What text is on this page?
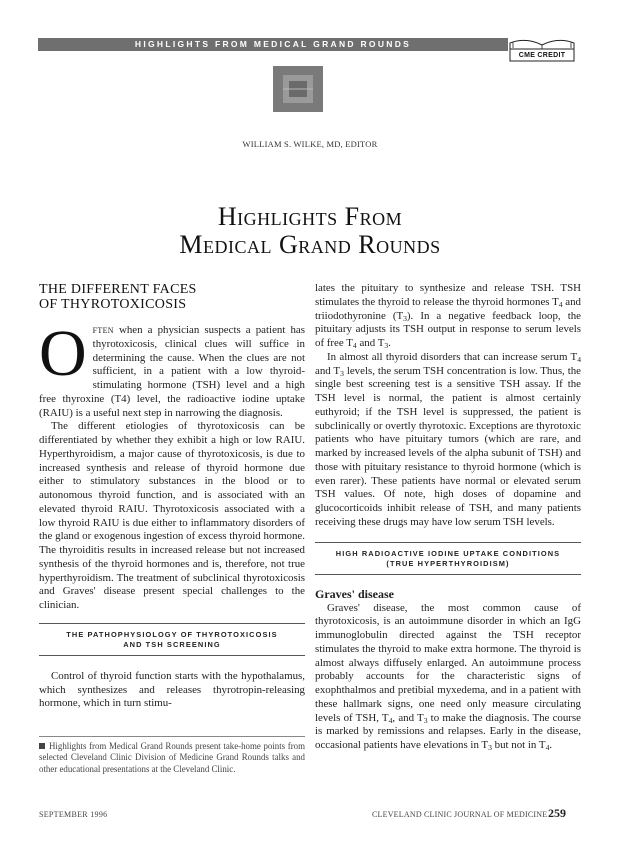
HIGHLIGHTS FROM MEDICAL GRAND ROUNDS
CME CREDIT
WILLIAM S. WILKE, MD, EDITOR
Highlights From
Medical Grand Rounds
THE DIFFERENT FACES
OF THYROTOXICOSIS

Often when a physician suspects a patient has thyrotoxicosis, clinical clues will suffice in determining the cause. When the clues are not sufficient, in a patient with a low thyroid-stimulating hormone (TSH) level and a high free thyroxine (T4) level, the radioactive iodine uptake (RAIU) is a useful next step in narrowing the diagnosis.

The different etiologies of thyrotoxicosis can be differentiated by whether they exhibit a high or low RAIU. Hyperthyroidism, a major cause of thyrotoxicosis, is due to increased synthesis and release of thyroid hormone due either to stimulatory substances in the blood or to autonomous thyroid function, and is associated with an elevated thyroid RAIU. Thyrotoxicosis associated with a low thyroid RAIU is due either to inflammatory disorders of the gland or exogenous ingestion of excess thyroid hormone. The thyroiditis results in increased release but not increased synthesis of the thyroid hormones and is, therefore, not true hyperthyroidism. The treatment of subclinical thyrotoxicosis and Graves' disease present special challenges to the clinician.

THE PATHOPHYSIOLOGY OF THYROTOXICOSIS
AND TSH SCREENING

Control of thyroid function starts with the hypothalamus, which synthesizes and releases thyrotropin-releasing hormone, which in turn stimu-

Highlights from Medical Grand Rounds present take-home points from selected Cleveland Clinic Division of Medicine Grand Rounds talks and other educational presentations at the Cleveland Clinic.

lates the pituitary to synthesize and release TSH. TSH stimulates the thyroid to release the thyroid hormones $T_4$ and triiodothyronine $(T_3)$. In a negative feedback loop, the pituitary adjusts its TSH output in response to serum levels of free $T_4$ and $T_3$.

In almost all thyroid disorders that can increase serum $T_4$ and $T_3$ levels, the serum TSH concentration is low. Thus, the single best screening test is a sensitive TSH assay. If the TSH level is normal, the patient is almost certainly euthyroid; if the TSH level is suppressed, the patient is subclinically or overtly thyrotoxic. Exceptions are thyrotoxic patients who have pituitary tumors (which are rare, and marked by increased levels of the alpha subunit of TSH) and those with pituitary resistance to thyroid hormone (which is even rarer). These patients have normal or elevated serum TSH values. Of note, high doses of dopamine and glucocorticoids inhibit release of TSH, and many patients receiving these drugs may have low serum TSH levels.

HIGH RADIOACTIVE IODINE UPTAKE CONDITIONS
(TRUE HYPERTHYROIDISM)
Graves' disease

Graves' disease, the most common cause of thyrotoxicosis, is an autoimmune disorder in which an IgG immunoglobulin directed against the TSH receptor stimulates the thyroid to make extra hormone. The thyroid is almost always diffusely enlarged. An autoimmune process probably accounts for the characteristic signs of exophthalmos and pretibial myxedema, and in a patient with these hallmark signs, one need only measure circulating levels of TSH, $T_4$, and $T_3$ to make the diagnosis. The course is marked by remissions and relapses. Early in the disease, occasional patients have elevations in $T_3$ but not in $T_4$.

SEPTEMBER 1996	CLEVELAND CLINIC JOURNAL OF MEDICINE 259
